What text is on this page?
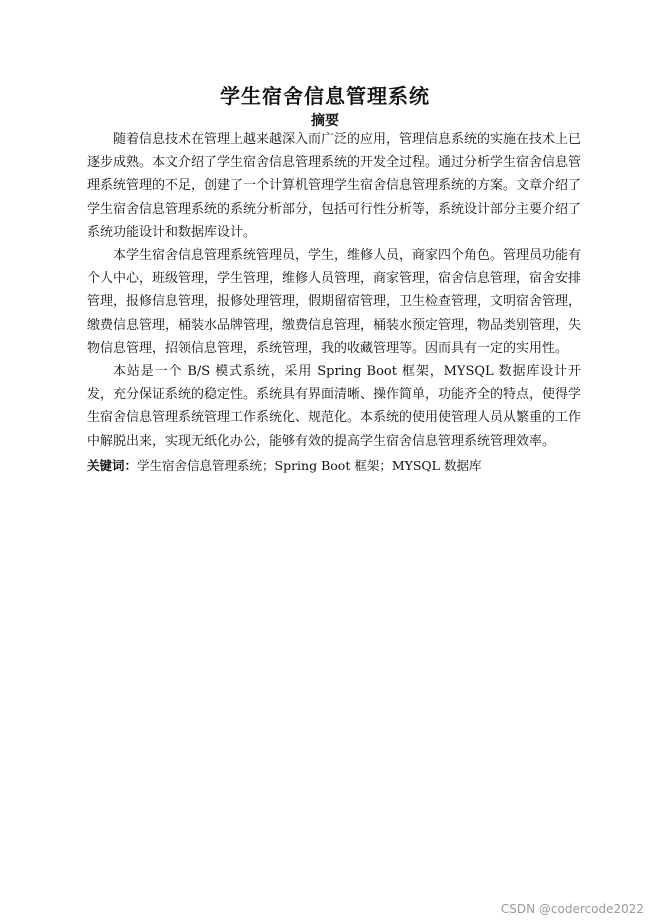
学生宿舍信息管理系统
摘要

随着信息技术在管理上越来越深入而广泛的应用，管理信息系统的实施在技术上已逐步成熟。本文介绍了学生宿舍信息管理系统的开发全过程。通过分析学生宿舍信息管理系统管理的不足，创建了一个计算机管理学生宿舍信息管理系统的方案。文章介绍了学生宿舍信息管理系统的系统分析部分，包括可行性分析等，系统设计部分主要介绍了系统功能设计和数据库设计。

本学生宿舍信息管理系统管理员，学生，维修人员，商家四个角色。管理员功能有个人中心，班级管理，学生管理，维修人员管理，商家管理，宿舍信息管理，宿舍安排管理，报修信息管理，报修处理管理，假期留宿管理，卫生检查管理，文明宿舍管理，缴费信息管理，桶装水品牌管理，缴费信息管理，桶装水预定管理，物品类别管理，失物信息管理，招领信息管理，系统管理，我的收藏管理等。因而具有一定的实用性。

本站是一个 B/S 模式系统，采用 Spring Boot 框架，MYSQL 数据库设计开发，充分保证系统的稳定性。系统具有界面清晰、操作简单，功能齐全的特点，使得学生宿舍信息管理系统管理工作系统化、规范化。本系统的使用使管理人员从繁重的工作中解脱出来，实现无纸化办公，能够有效的提高学生宿舍信息管理系统管理效率。

关键词：学生宿舍信息管理系统；Spring Boot 框架；MYSQL 数据库
CSDN @codercode2022
